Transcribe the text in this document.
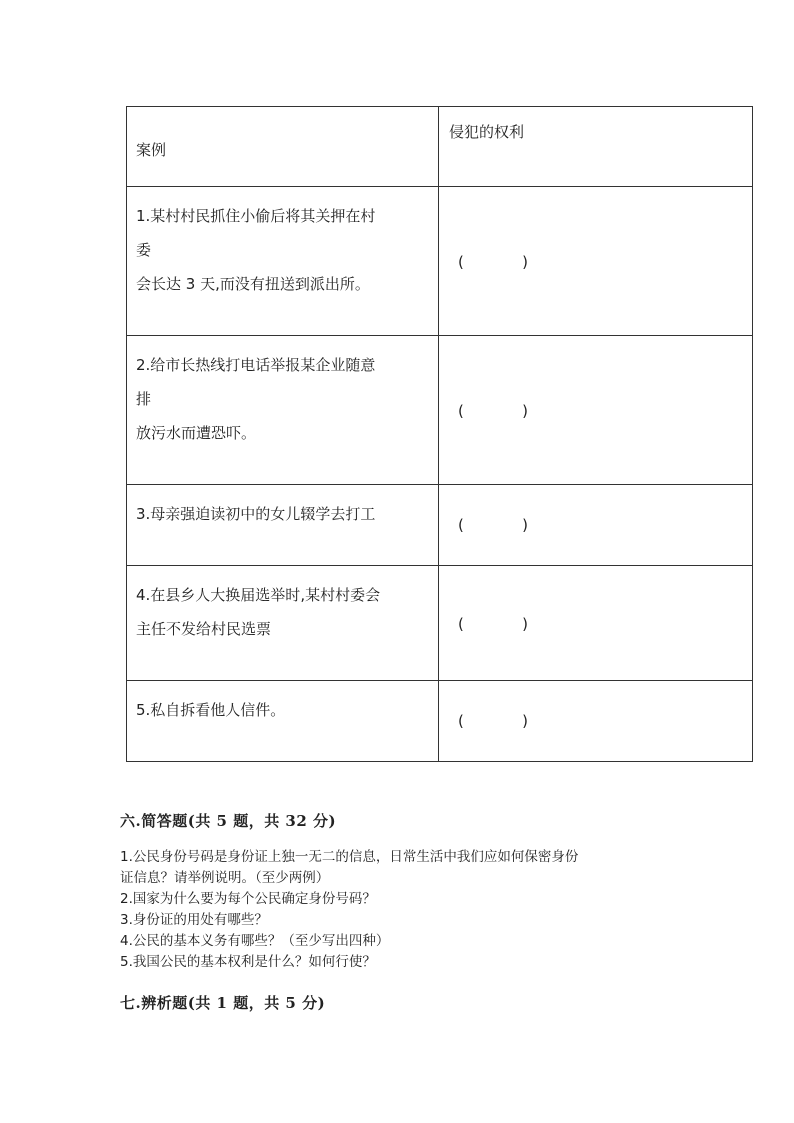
案例	侵犯的权利

1.某村村民抓住小偷后将其关押在村
委
会长达 3 天,而没有扭送到派出所。	( )

2.给市长热线打电话举报某企业随意
排
放污水而遭恐吓。	( )

3.母亲强迫读初中的女儿辍学去打工	( )

4.在县乡人大换届选举时,某村村委会
主任不发给村民选票	( )

5.私自拆看他人信件。	( )
六.简答题(共 5 题，共 32 分)
1.公民身份号码是身份证上独一无二的信息，日常生活中我们应如何保密身份
证信息？请举例说明。（至少两例）
2.国家为什么要为每个公民确定身份号码？
3.身份证的用处有哪些？
4.公民的基本义务有哪些？（至少写出四种）
5.我国公民的基本权利是什么？如何行使？
七.辨析题(共 1 题，共 5 分)
